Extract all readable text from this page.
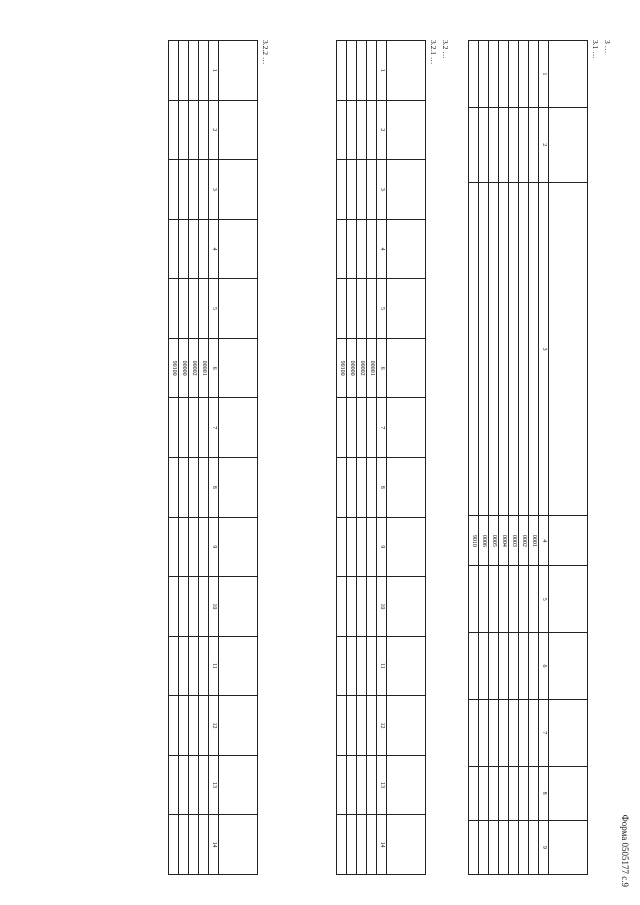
Форма 0505177 с.9
3 …
3.1 …

1	2	3	4	5	6	7	8	9
			0001					
			0002					
			0003					
			0004					
			0005					
			0006					
			9010					
3.2 …
3.2.1 …

1	2	3	4	5	6	7	8	9	10	11	12	13	14
					00001								
					00002								
					00000								
					90100								
3.2.2 …

1	2	3	4	5	6	7	8	9	10	11	12	13	14
					00001								
					00002								
					00000								
					90100								
